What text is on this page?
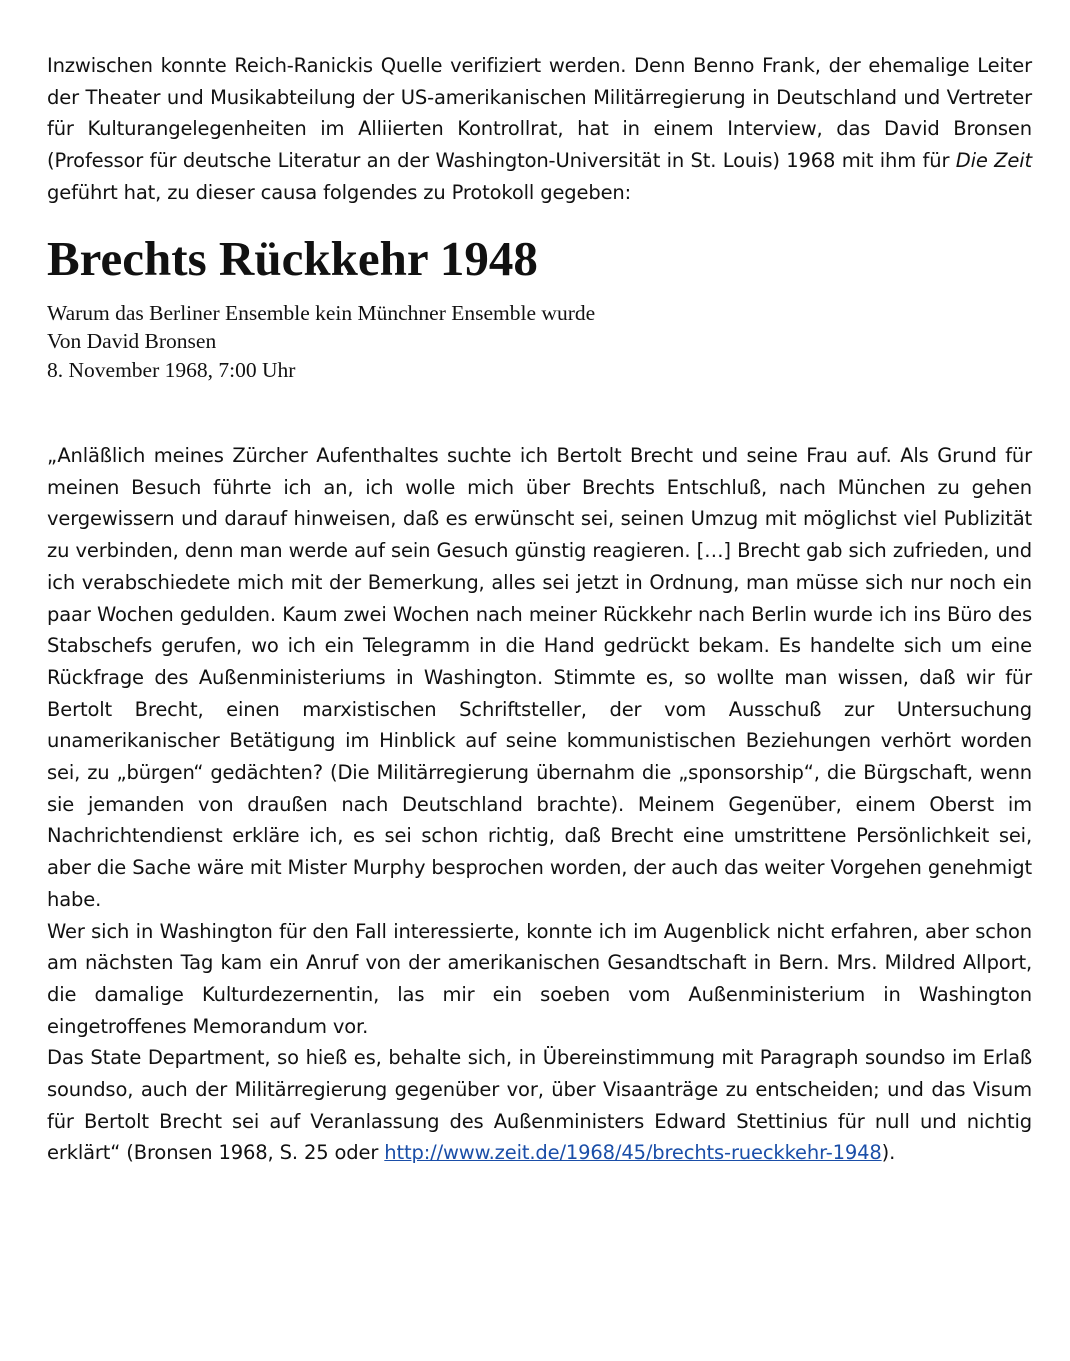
Inzwischen konnte Reich-Ranickis Quelle verifiziert werden. Denn Benno Frank, der ehemalige Leiter der Theater und Musikabteilung der US-amerikanischen Militärregierung in Deutschland und Vertreter für Kulturangelegenheiten im Alliierten Kontrollrat, hat in einem Interview, das David Bronsen (Professor für deutsche Literatur an der Washington-Universität in St. Louis) 1968 mit ihm für Die Zeit geführt hat, zu dieser causa folgendes zu Protokoll gegeben:

Brechts Rückkehr 1948
Warum das Berliner Ensemble kein Münchner Ensemble wurde
Von David Bronsen
8. November 1968, 7:00 Uhr

„Anläßlich meines Zürcher Aufenthaltes suchte ich Bertolt Brecht und seine Frau auf. Als Grund für meinen Besuch führte ich an, ich wolle mich über Brechts Entschluß, nach München zu gehen vergewissern und darauf hinweisen, daß es erwünscht sei, seinen Umzug mit möglichst viel Publizität zu verbinden, denn man werde auf sein Gesuch günstig reagieren. […] Brecht gab sich zufrieden, und ich verabschiedete mich mit der Bemerkung, alles sei jetzt in Ordnung, man müsse sich nur noch ein paar Wochen gedulden. Kaum zwei Wochen nach meiner Rückkehr nach Berlin wurde ich ins Büro des Stabschefs gerufen, wo ich ein Telegramm in die Hand gedrückt bekam. Es handelte sich um eine Rückfrage des Außenministeriums in Washington. Stimmte es, so wollte man wissen, daß wir für Bertolt Brecht, einen marxistischen Schriftsteller, der vom Ausschuß zur Untersuchung unamerikanischer Betätigung im Hinblick auf seine kommunistischen Beziehungen verhört worden sei, zu „bürgen“ gedächten? (Die Militärregierung übernahm die „sponsorship“, die Bürgschaft, wenn sie jemanden von draußen nach Deutschland brachte). Meinem Gegenüber, einem Oberst im Nachrichtendienst erkläre ich, es sei schon richtig, daß Brecht eine umstrittene Persönlichkeit sei, aber die Sache wäre mit Mister Murphy besprochen worden, der auch das weiter Vorgehen genehmigt habe.

Wer sich in Washington für den Fall interessierte, konnte ich im Augenblick nicht erfahren, aber schon am nächsten Tag kam ein Anruf von der amerikanischen Gesandtschaft in Bern. Mrs. Mildred Allport, die damalige Kulturdezernentin, las mir ein soeben vom Außenministerium in Washington eingetroffenes Memorandum vor.

Das State Department, so hieß es, behalte sich, in Übereinstimmung mit Paragraph soundso im Erlaß soundso, auch der Militärregierung gegenüber vor, über Visaanträge zu entscheiden; und das Visum für Bertolt Brecht sei auf Veranlassung des Außenministers Edward Stettinius für null und nichtig erklärt“ (Bronsen 1968, S. 25 oder http://www.zeit.de/1968/45/brechts-rueckkehr-1948).
